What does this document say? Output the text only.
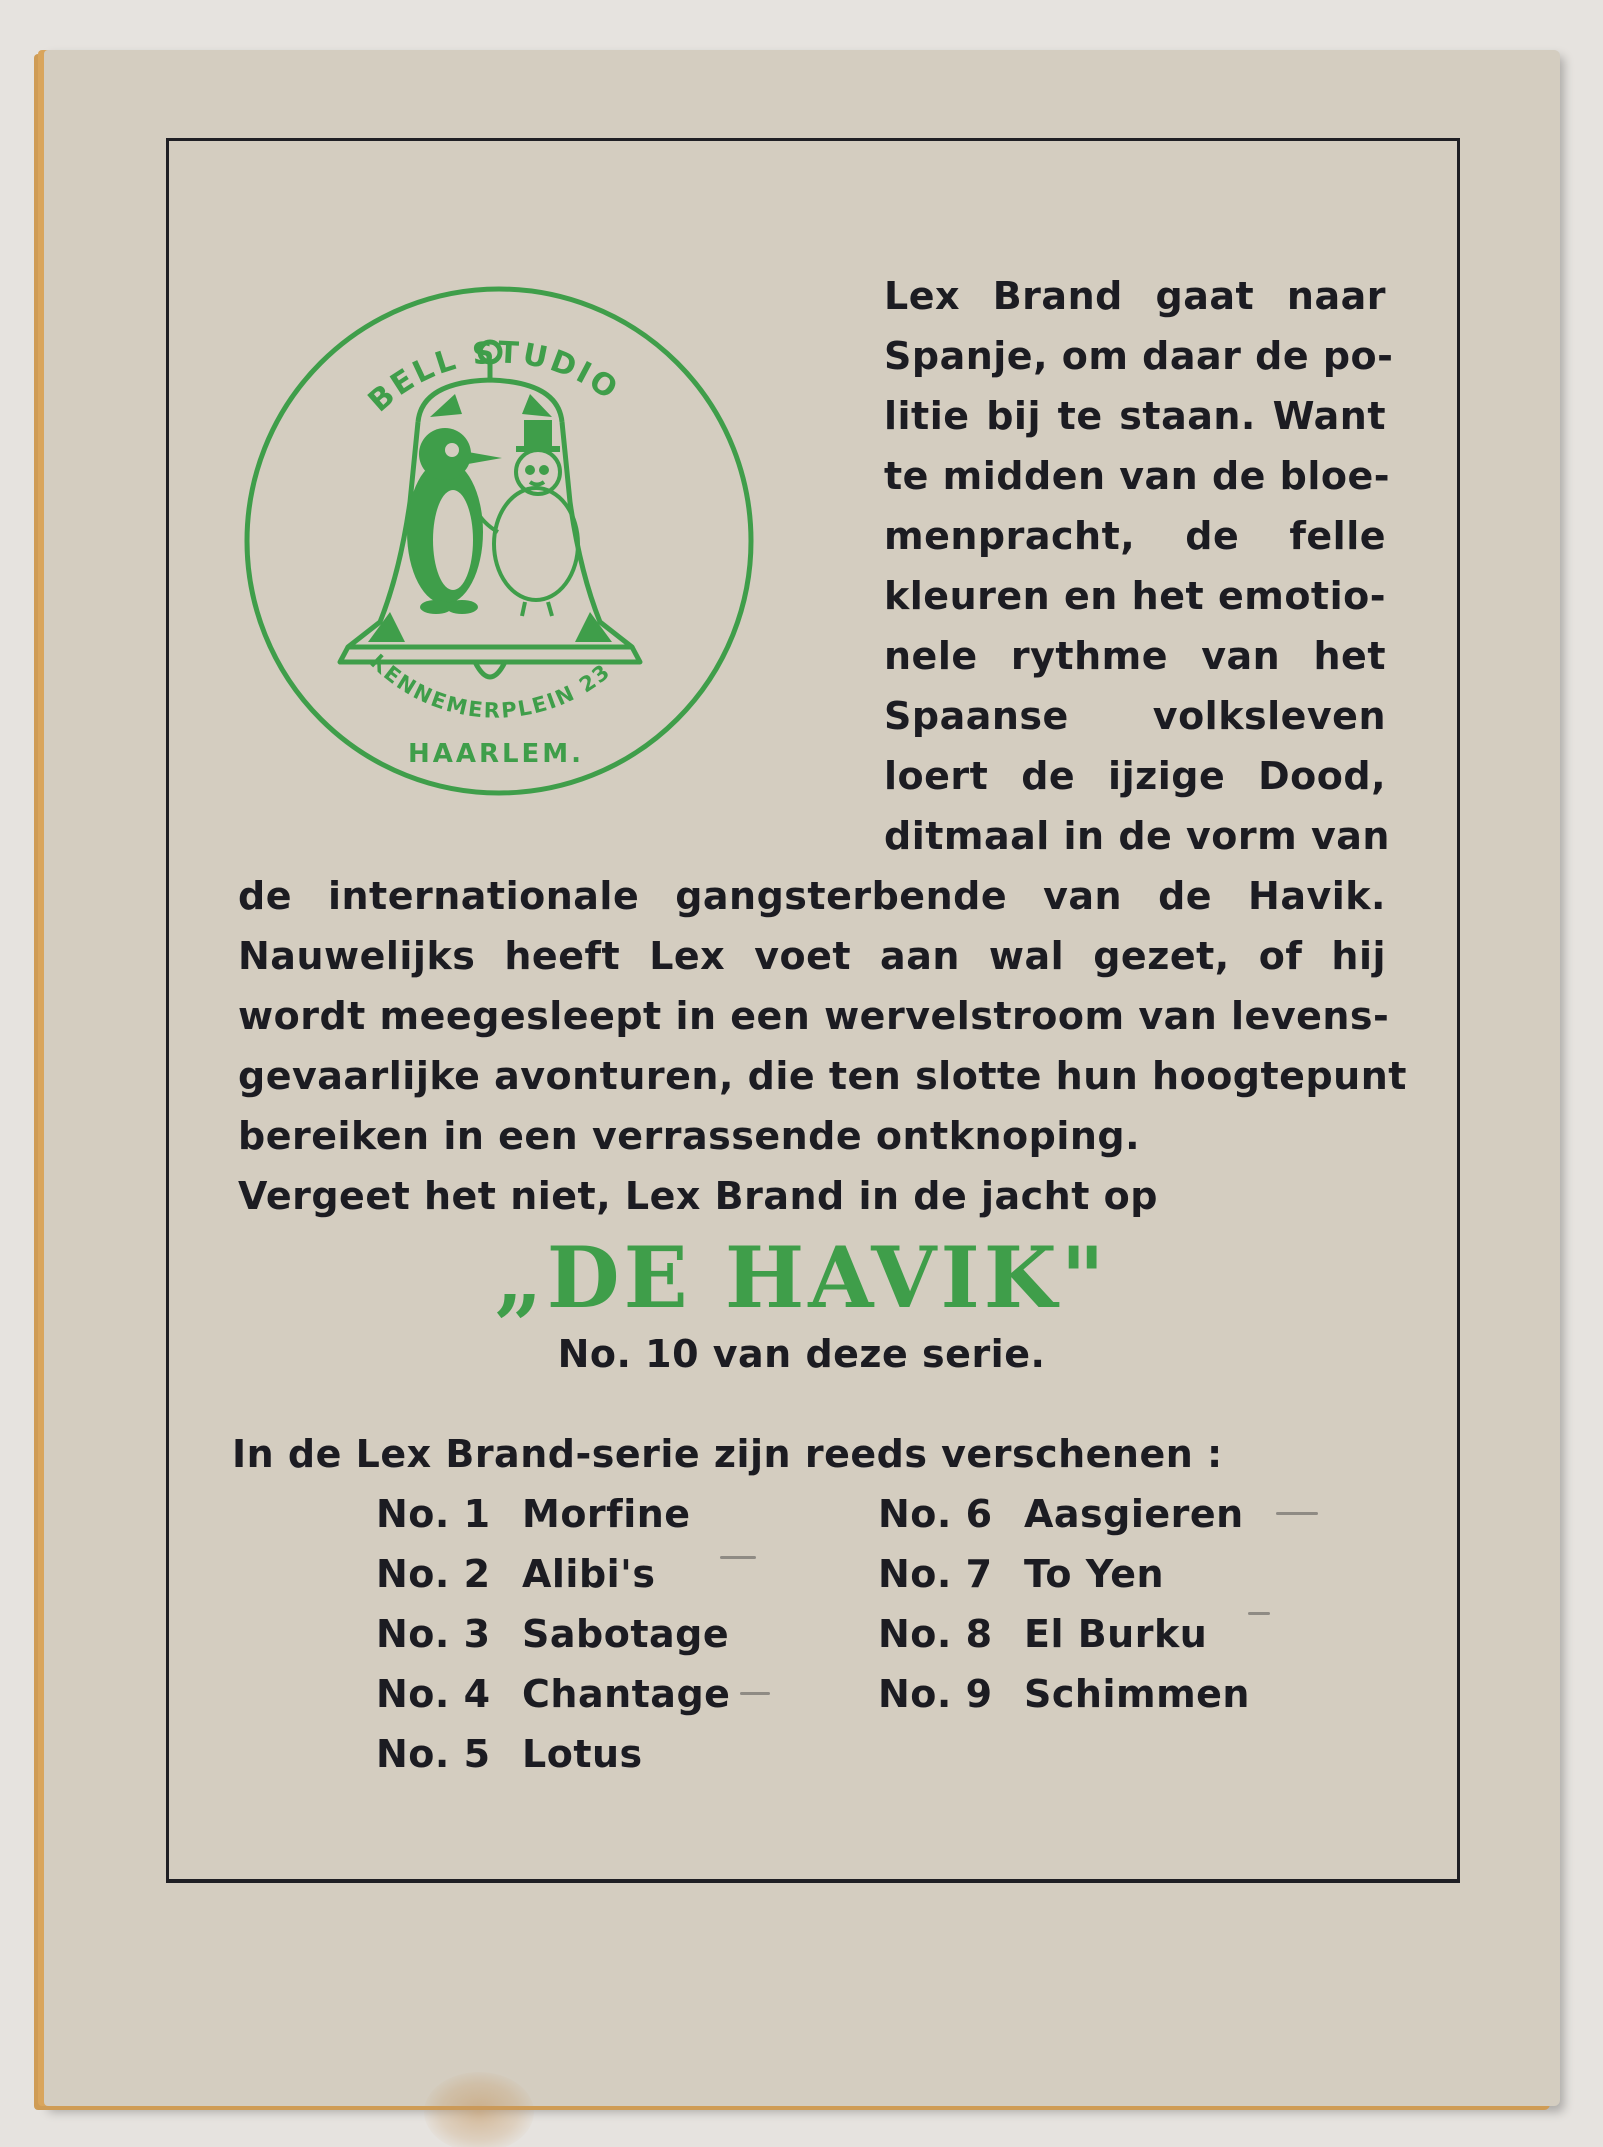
BELL STUDIO
KENNEMERPLEIN 23
HAARLEM.
Lex Brand gaat naar
Spanje, om daar de po-
litie bij te staan. Want
te midden van de bloe-
menpracht, de felle
kleuren en het emotio-
nele rythme van het
Spaanse volksleven
loert de ijzige Dood,
ditmaal in de vorm van
de internationale gangsterbende van de Havik.
Nauwelijks heeft Lex voet aan wal gezet, of hij
wordt meegesleept in een wervelstroom van levens-
gevaarlijke avonturen, die ten slotte hun hoogtepunt
bereiken in een verrassende ontknoping.
Vergeet het niet, Lex Brand in de jacht op
„DE HAVIK"
No. 10 van deze serie.
In de Lex Brand-serie zijn reeds verschenen :
No. 1 Morfine
No. 2 Alibi's
No. 3 Sabotage
No. 4 Chantage
No. 5 Lotus
No. 6 Aasgieren
No. 7 To Yen
No. 8 El Burku
No. 9 Schimmen
